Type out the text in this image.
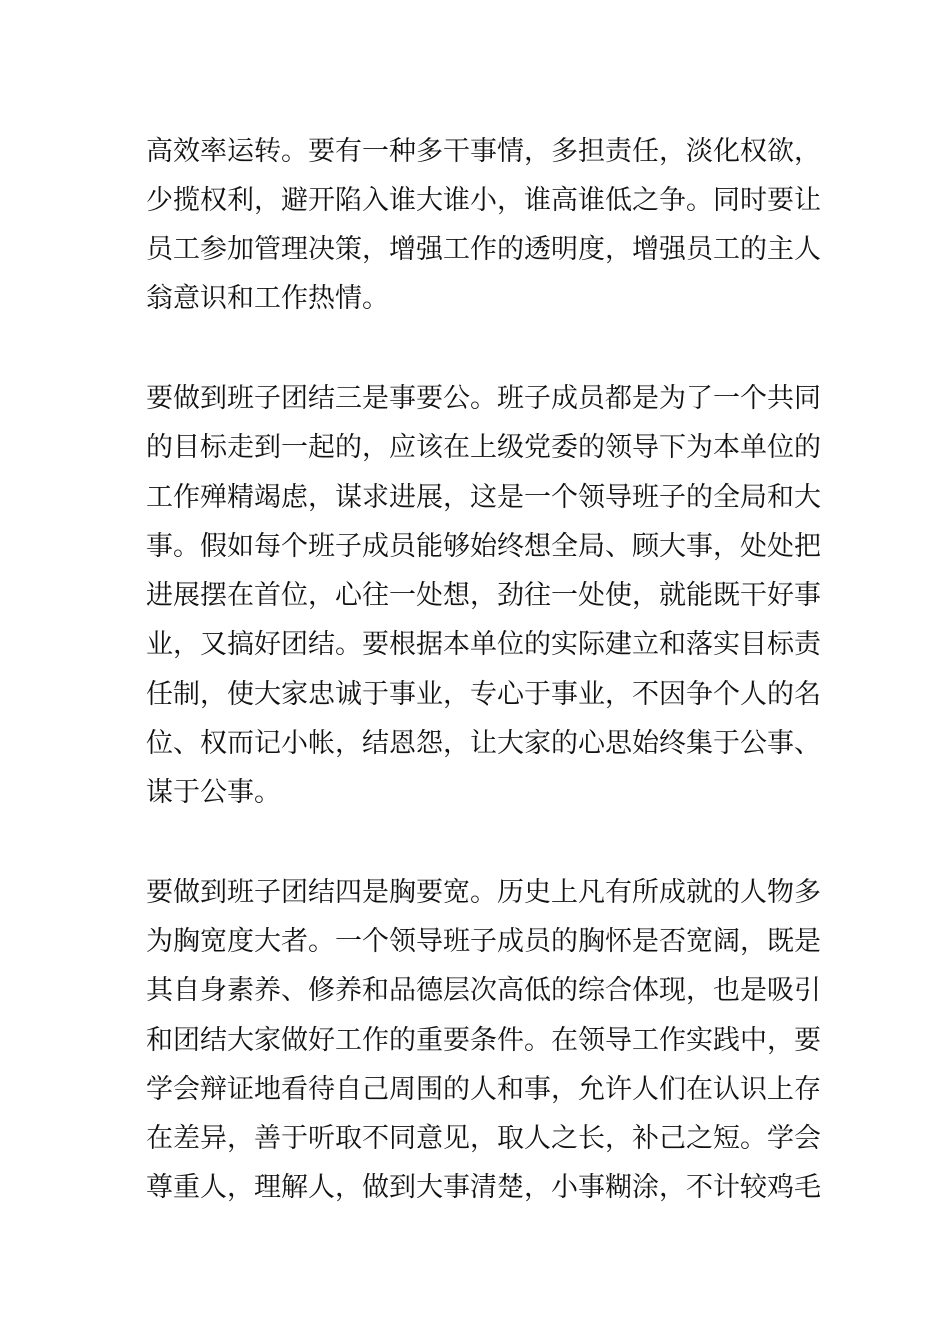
高效率运转。要有一种多干事情，多担责任，淡化权欲，
少揽权利，避开陷入谁大谁小，谁高谁低之争。同时要让
员工参加管理决策，增强工作的透明度，增强员工的主人
翁意识和工作热情。
要做到班子团结三是事要公。班子成员都是为了一个共同
的目标走到一起的，应该在上级党委的领导下为本单位的
工作殚精竭虑，谋求进展，这是一个领导班子的全局和大
事。假如每个班子成员能够始终想全局、顾大事，处处把
进展摆在首位，心往一处想，劲往一处使，就能既干好事
业，又搞好团结。要根据本单位的实际建立和落实目标责
任制，使大家忠诚于事业，专心于事业，不因争个人的名
位、权而记小帐，结恩怨，让大家的心思始终集于公事、
谋于公事。
要做到班子团结四是胸要宽。历史上凡有所成就的人物多
为胸宽度大者。一个领导班子成员的胸怀是否宽阔，既是
其自身素养、修养和品德层次高低的综合体现，也是吸引
和团结大家做好工作的重要条件。在领导工作实践中，要
学会辩证地看待自己周围的人和事，允许人们在认识上存
在差异，善于听取不同意见，取人之长，补己之短。学会
尊重人，理解人，做到大事清楚，小事糊涂，不计较鸡毛
